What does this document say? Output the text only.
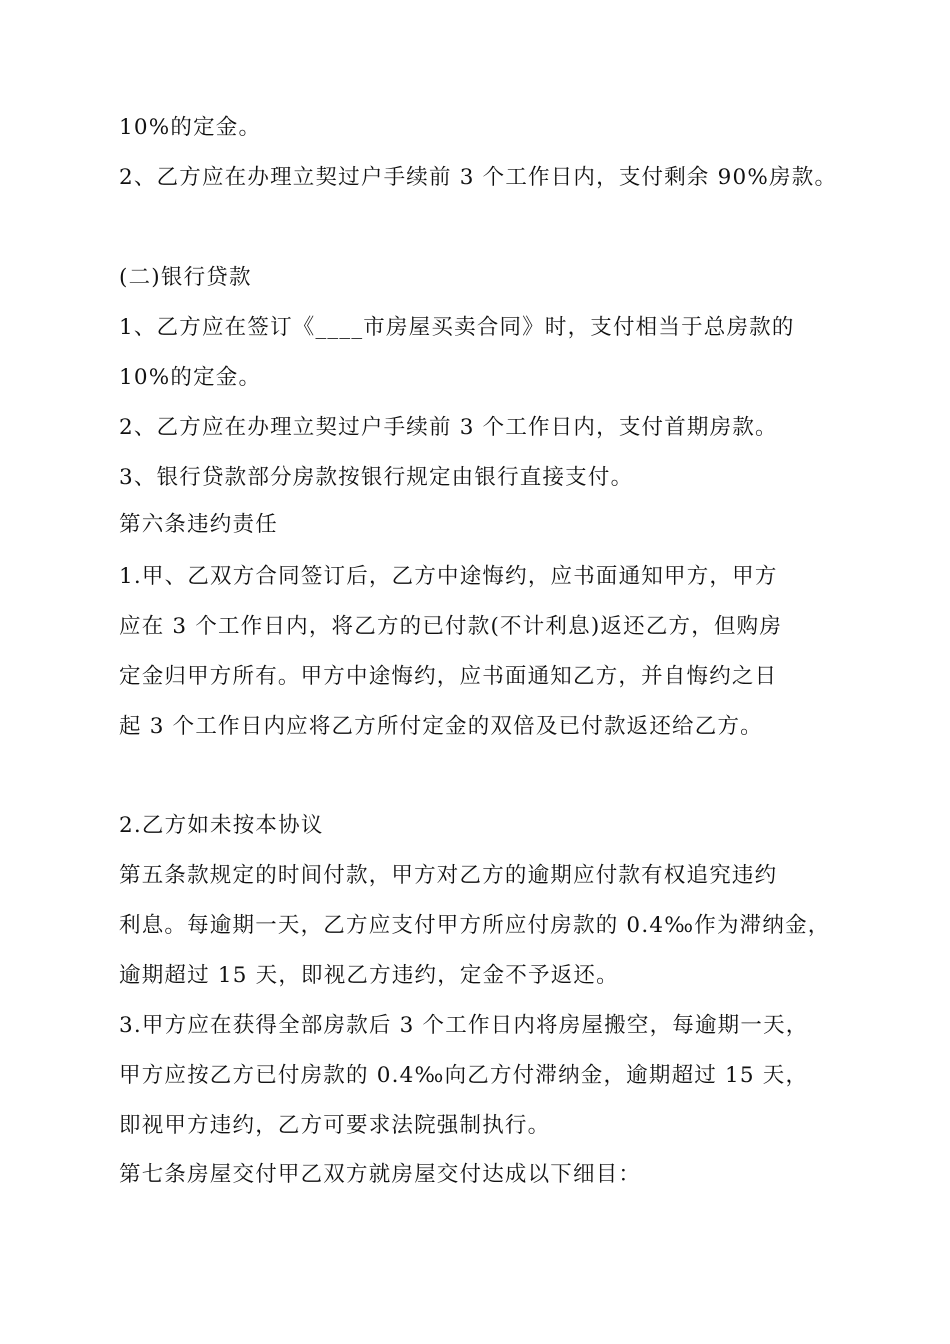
10%的定金。
2、乙方应在办理立契过户手续前 3 个工作日内，支付剩余 90%房款。
(二)银行贷款
1、乙方应在签订《____市房屋买卖合同》时，支付相当于总房款的
10%的定金。
2、乙方应在办理立契过户手续前 3 个工作日内，支付首期房款。
3、银行贷款部分房款按银行规定由银行直接支付。
第六条违约责任
1.甲、乙双方合同签订后，乙方中途悔约，应书面通知甲方，甲方
应在 3 个工作日内，将乙方的已付款(不计利息)返还乙方，但购房
定金归甲方所有。甲方中途悔约，应书面通知乙方，并自悔约之日
起 3 个工作日内应将乙方所付定金的双倍及已付款返还给乙方。
2.乙方如未按本协议
第五条款规定的时间付款，甲方对乙方的逾期应付款有权追究违约
利息。每逾期一天，乙方应支付甲方所应付房款的 0.4‰作为滞纳金，
逾期超过 15 天，即视乙方违约，定金不予返还。
3.甲方应在获得全部房款后 3 个工作日内将房屋搬空，每逾期一天，
甲方应按乙方已付房款的 0.4‰向乙方付滞纳金，逾期超过 15 天，
即视甲方违约，乙方可要求法院强制执行。
第七条房屋交付甲乙双方就房屋交付达成以下细目：
